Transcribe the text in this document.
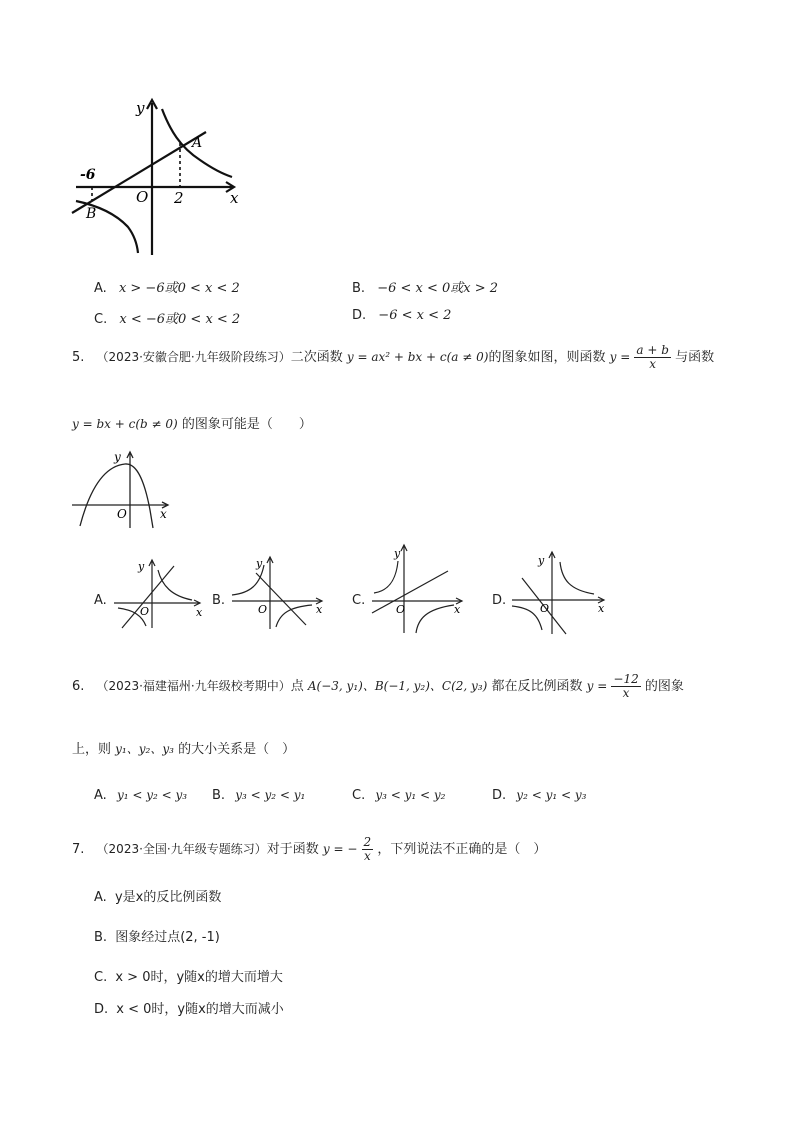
y
x
O
A
B
-6
2
A. x > −6或0 < x < 2	B. −6 < x < 0或x > 2
C. x < −6或0 < x < 2	D. −6 < x < 2
5. （2023·安徽合肥·九年级阶段练习）二次函数 y = ax² + bx + c(a ≠ 0)的图象如图，则函数 $y = \frac{a + b}{x}$ 与函数
y = bx + c(b ≠ 0) 的图象可能是（　　）
y
x
O
A.
y
x
O
B.
y
x
O
C.
y
x
O
D.
y
x
O
6. （2023·福建福州·九年级校考期中）点 A(−3, y₁)、B(−1, y₂)、C(2, y₃) 都在反比例函数 $y = \frac{-12}{x}$ 的图象
上，则 y₁、y₂、y₃ 的大小关系是（　）
A. y₁ < y₂ < y₃ B. y₃ < y₂ < y₁	C. y₃ < y₁ < y₂	D. y₂ < y₁ < y₃
7. （2023·全国·九年级专题练习）对于函数 y = − $\frac{2}{x}$ ，下列说法不正确的是（　）
A. y是x的反比例函数
B. 图象经过点(2, -1)
C. x > 0时，y随x的增大而增大
D. x < 0时，y随x的增大而减小
